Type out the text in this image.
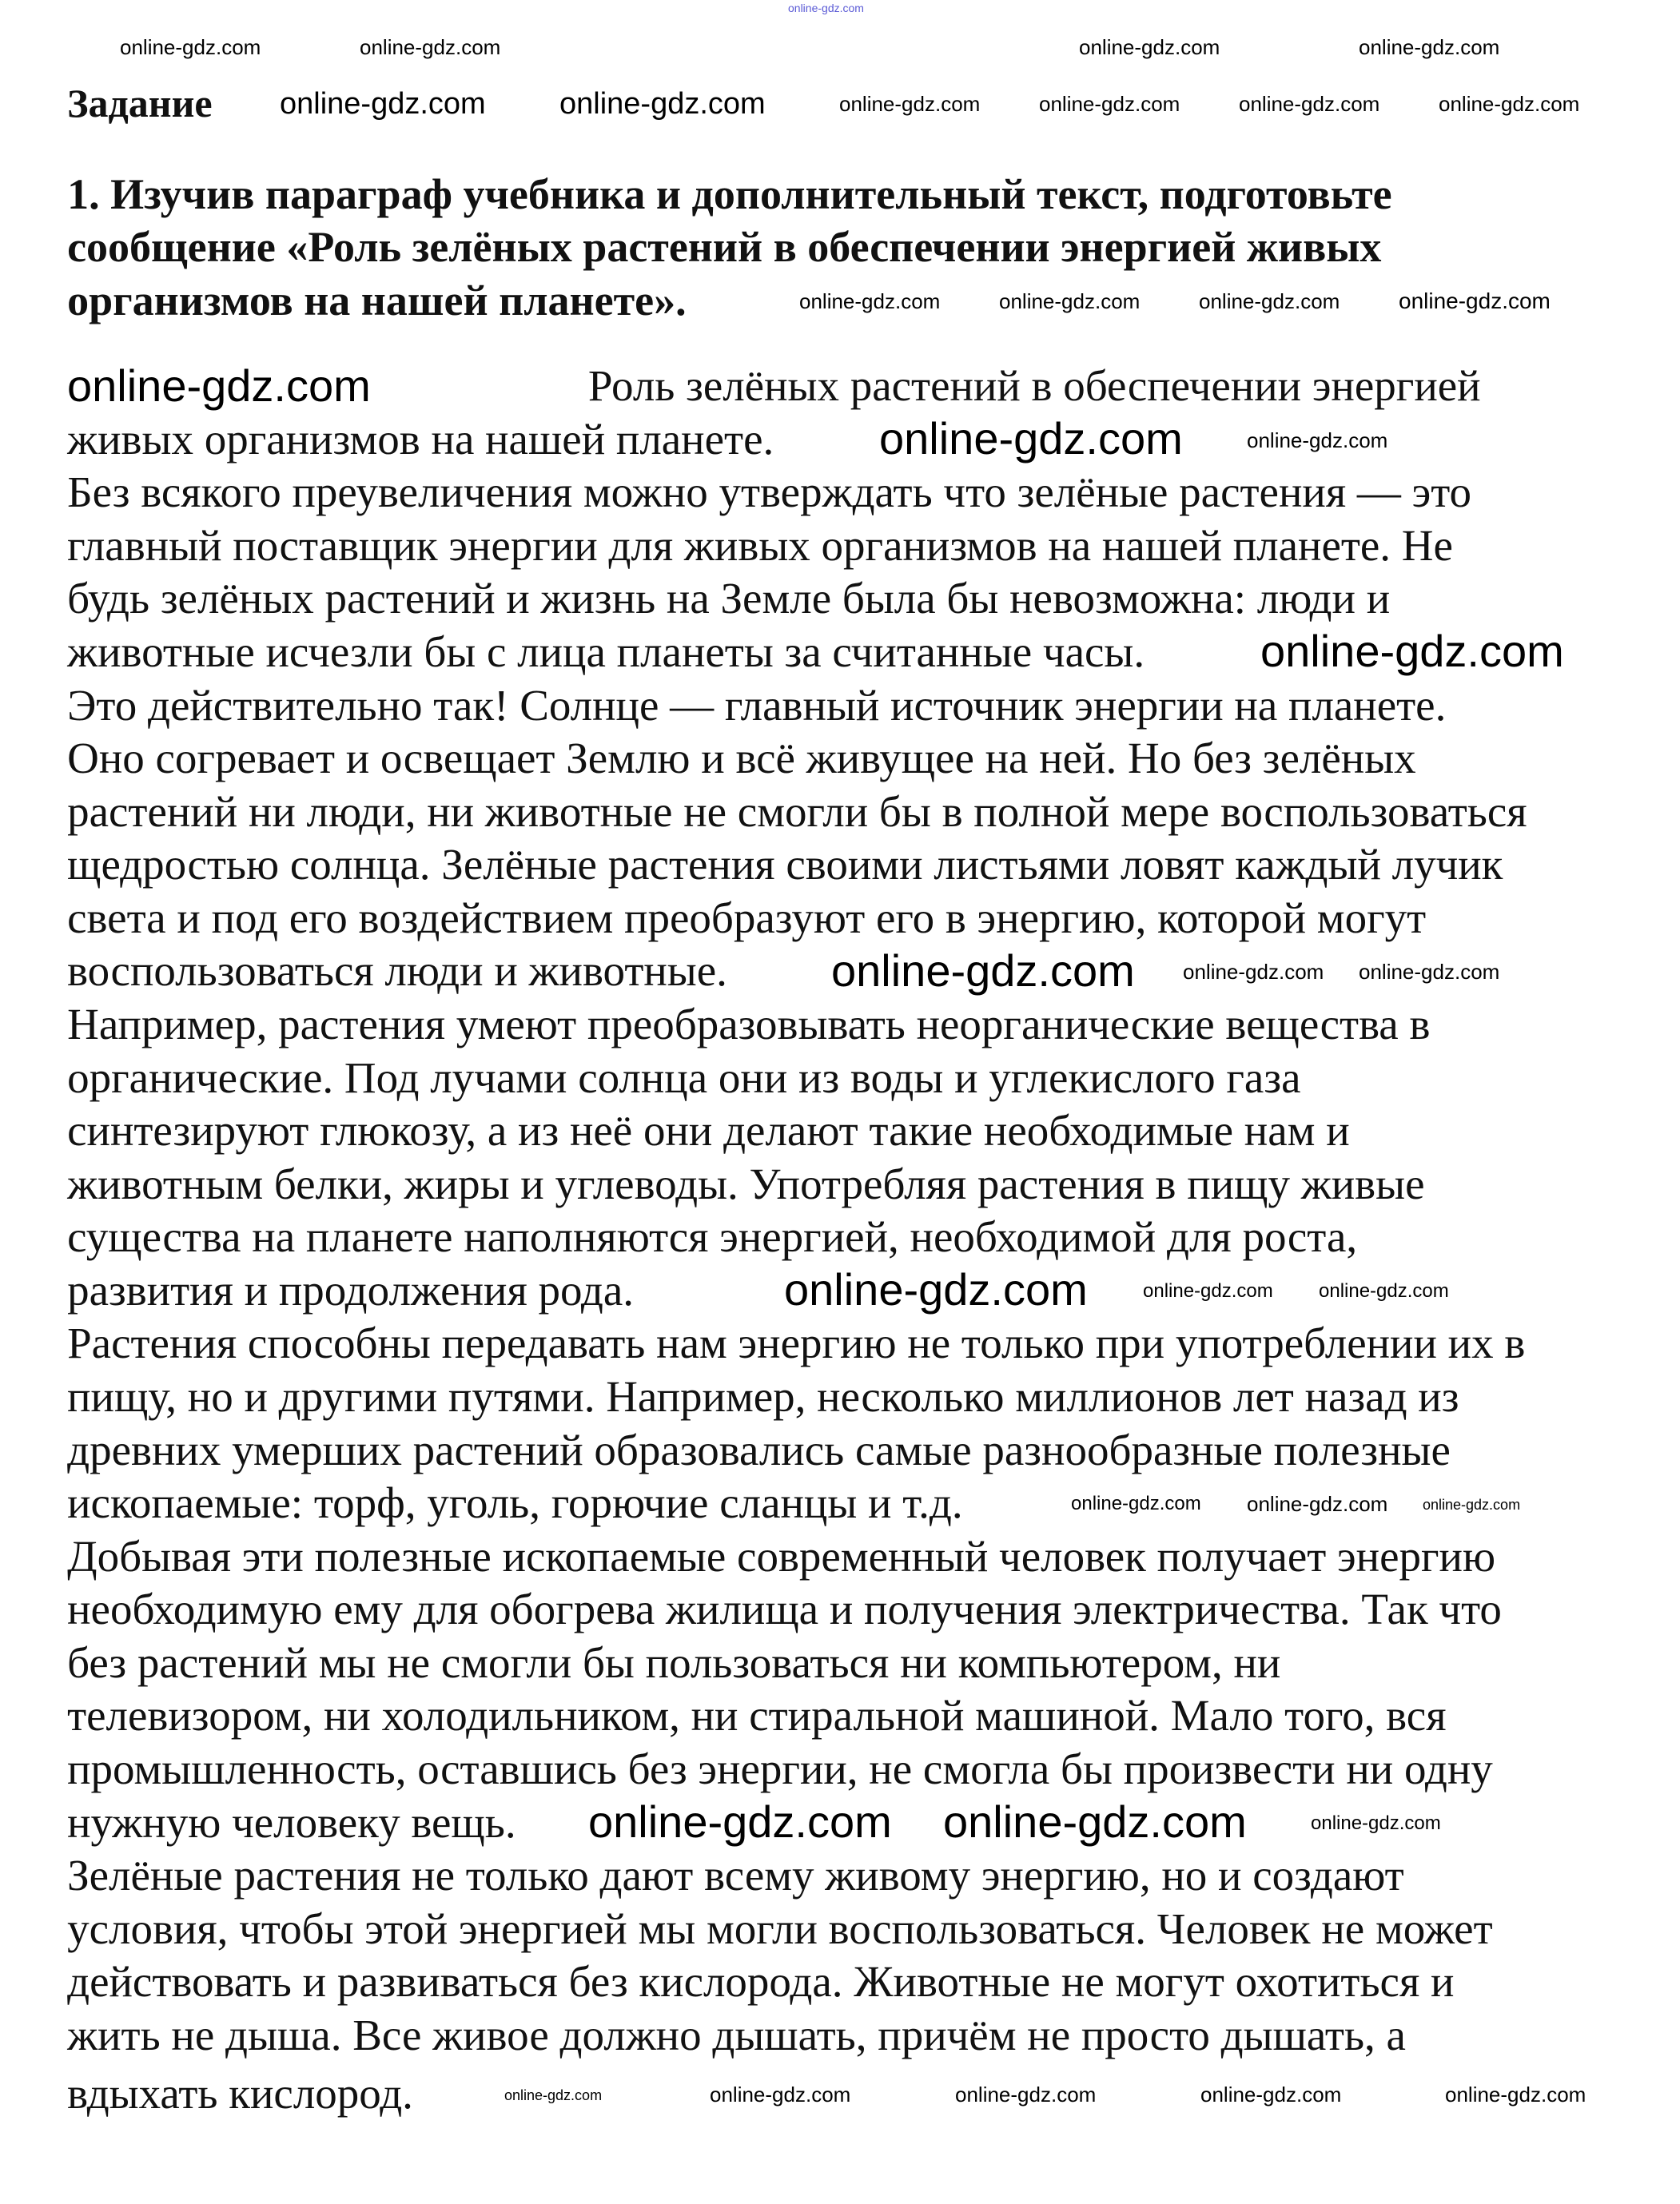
Задание
1. Изучив параграф учебника и дополнительный текст, подготовьте
сообщение «Роль зелёных растений в обеспечении энергией живых
организмов на нашей планете».
Роль зелёных растений в обеспечении энергией
живых организмов на нашей планете.
Без всякого преувеличения можно утверждать что зелёные растения — это
главный поставщик энергии для живых организмов на нашей планете. Не
будь зелёных растений и жизнь на Земле была бы невозможна: люди и
животные исчезли бы с лица планеты за считанные часы.
Это действительно так! Солнце — главный источник энергии на планете.
Оно согревает и освещает Землю и всё живущее на ней. Но без зелёных
растений ни люди, ни животные не смогли бы в полной мере воспользоваться
щедростью солнца. Зелёные растения своими листьями ловят каждый лучик
света и под его воздействием преобразуют его в энергию, которой могут
воспользоваться люди и животные.
Например, растения умеют преобразовывать неорганические вещества в
органические. Под лучами солнца они из воды и углекислого газа
синтезируют глюкозу, а из неё они делают такие необходимые нам и
животным белки, жиры и углеводы. Употребляя растения в пищу живые
существа на планете наполняются энергией, необходимой для роста,
развития и продолжения рода.
Растения способны передавать нам энергию не только при употреблении их в
пищу, но и другими путями. Например, несколько миллионов лет назад из
древних умерших растений образовались самые разнообразные полезные
ископаемые: торф, уголь, горючие сланцы и т.д.
Добывая эти полезные ископаемые современный человек получает энергию
необходимую ему для обогрева жилища и получения электричества. Так что
без растений мы не смогли бы пользоваться ни компьютером, ни
телевизором, ни холодильником, ни стиральной машиной. Мало того, вся
промышленность, оставшись без энергии, не смогла бы произвести ни одну
нужную человеку вещь.
Зелёные растения не только дают всему живому энергию, но и создают
условия, чтобы этой энергией мы могли воспользоваться. Человек не может
действовать и развиваться без кислорода. Животные не могут охотиться и
жить не дыша. Все живое должно дышать, причём не просто дышать, а
вдыхать кислород.
online-gdz.com	online-gdz.com	online-gdz.com	online-gdz.com
online-gdz.com online-gdz.com	online-gdz.com	online-gdz.com	online-gdz.com	online-gdz.com
online-gdz.com	online-gdz.com	online-gdz.com	online-gdz.com
online-gdz.com
online-gdz.com	online-gdz.com
online-gdz.com
online-gdz.com online-gdz.com online-gdz.com
online-gdz.com	online-gdz.com online-gdz.com
online-gdz.com online-gdz.com online-gdz.com
online-gdz.com online-gdz.com	online-gdz.com
online-gdz.com	online-gdz.com	online-gdz.com	online-gdz.com	online-gdz.com
online-gdz.com
